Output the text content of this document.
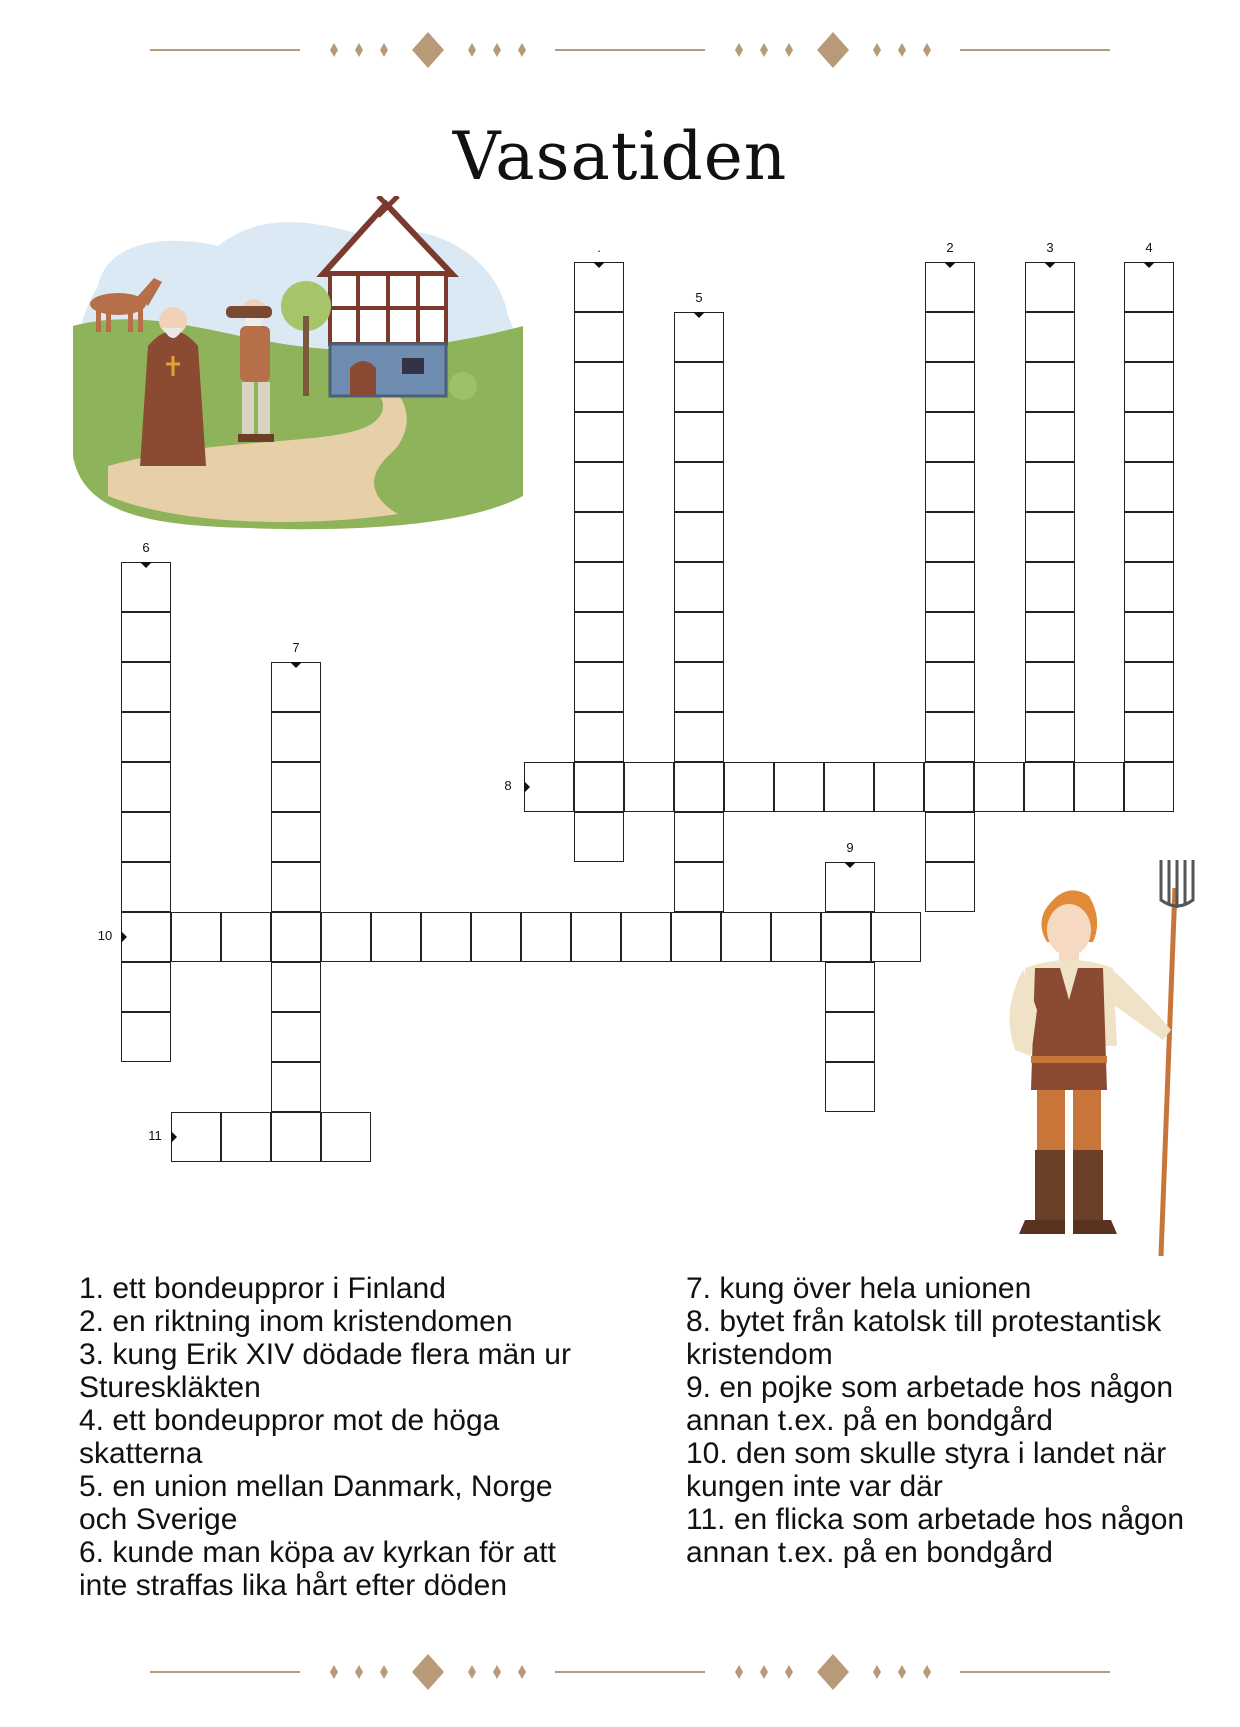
Vasatiden
.	2	3	4
5
6
7
8
9
10
11
1. ett bondeuppror i Finland
2. en riktning inom kristendomen
3. kung Erik XIV dödade flera män ur Stureskläkten
4. ett bondeuppror mot de höga skatterna
5. en union mellan Danmark, Norge och Sverige
6. kunde man köpa av kyrkan för att inte straffas lika hårt efter döden
7. kung över hela unionen
8. bytet från katolsk till protestantisk kristendom
9. en pojke som arbetade hos någon annan t.ex. på en bondgård
10. den som skulle styra i landet när kungen inte var där
11. en flicka som arbetade hos någon annan t.ex. på en bondgård
